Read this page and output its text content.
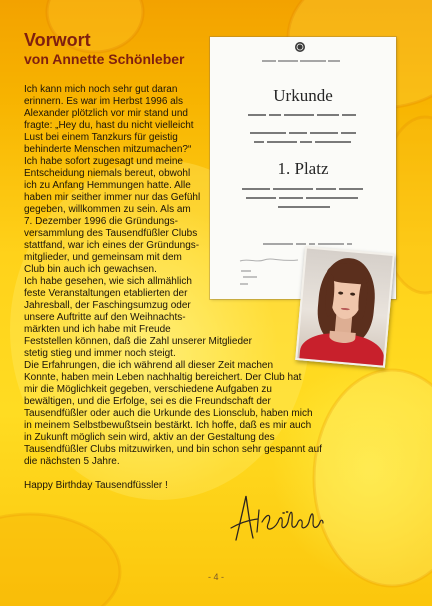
Vorwort
von Annette Schönleber
Ich kann mich noch sehr gut daran
erinnern. Es war im Herbst 1996 als
Alexander plötzlich vor mir stand und
fragte: „Hey du, hast du nicht vielleicht
Lust bei einem Tanzkurs für geistig
behinderte Menschen mitzumachen?“
Ich habe sofort zugesagt und meine
Entscheidung niemals bereut, obwohl
ich zu Anfang Hemmungen hatte. Alle
haben mir seither immer nur das Gefühl
gegeben, willkommen zu sein. Als am
7. Dezember 1996 die Gründungs-
versammlung des Tausendfüßler Clubs
stattfand, war ich eines der Gründungs-
mitglieder, und gemeinsam mit dem
Club bin auch ich gewachsen.
Ich habe gesehen, wie sich allmählich
feste Veranstaltungen etablierten der
Jahresball, der Faschingsumzug oder
unsere Auftritte auf den Weihnachts-
märkten und ich habe mit Freude
Feststellen können, daß die Zahl unserer Mitglieder
stetig stieg und immer noch steigt.
Die Erfahrungen, die ich während all dieser Zeit machen
Konnte, haben mein Leben nachhaltig bereichert. Der Club hat
mir die Möglichkeit gegeben, verschiedene Aufgaben zu
bewältigen, und die Erfolge, sei es die Freundschaft der
Tausendfüßler oder auch die Urkunde des Lionsclub, haben mich
in meinem Selbstbewußtsein bestärkt. Ich hoffe, daß es mir auch
in Zukunft möglich sein wird, aktiv an der Gestaltung des
Tausendfüßler Clubs mitzuwirken, und bin schon sehr gespannt auf
die nächsten 5 Jahre.
Happy Birthday Tausendfüssler !
Urkunde
1. Platz
- 4 -
